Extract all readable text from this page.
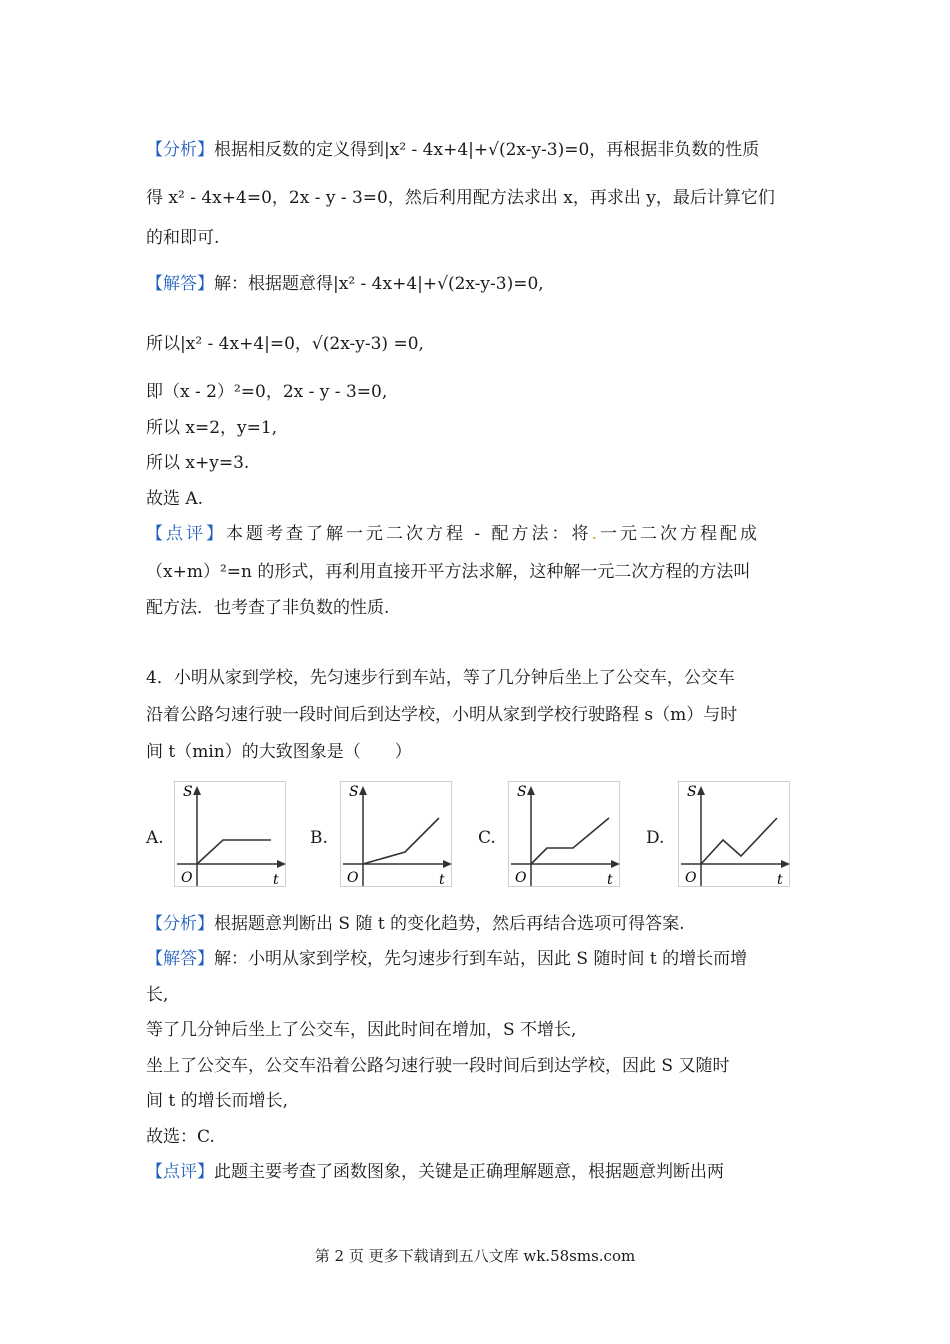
【分析】根据相反数的定义得到|x² - 4x+4|+√(2x-y-3)=0，再根据非负数的性质
得 x² - 4x+4=0，2x - y - 3=0，然后利用配方法求出 x，再求出 y，最后计算它们
的和即可.
【解答】解：根据题意得|x² - 4x+4|+√(2x-y-3)=0,
所以|x² - 4x+4|=0，√(2x-y-3) =0,
即（x - 2）²=0，2x - y - 3=0,
所以 x=2，y=1,
所以 x+y=3.
故选 A.
【点评】本题考查了解一元二次方程 - 配方法：将.一元二次方程配成
（x+m）²=n 的形式，再利用直接开平方法求解，这种解一元二次方程的方法叫
配方法．也考查了非负数的性质.
4．小明从家到学校，先匀速步行到车站，等了几分钟后坐上了公交车，公交车
沿着公路匀速行驶一段时间后到达学校，小明从家到学校行驶路程 s（m）与时
间 t（min）的大致图象是（　　）
A.
S
O	t
B.
S
O	t
C.
S
O	t
D.
S
O	t
【分析】根据题意判断出 S 随 t 的变化趋势，然后再结合选项可得答案.
【解答】解：小明从家到学校，先匀速步行到车站，因此 S 随时间 t 的增长而增
长,
等了几分钟后坐上了公交车，因此时间在增加，S 不增长,
坐上了公交车，公交车沿着公路匀速行驶一段时间后到达学校，因此 S 又随时
间 t 的增长而增长,
故选：C.
【点评】此题主要考查了函数图象，关键是正确理解题意，根据题意判断出两
第 2 页 更多下载请到五八文库 wk.58sms.com
